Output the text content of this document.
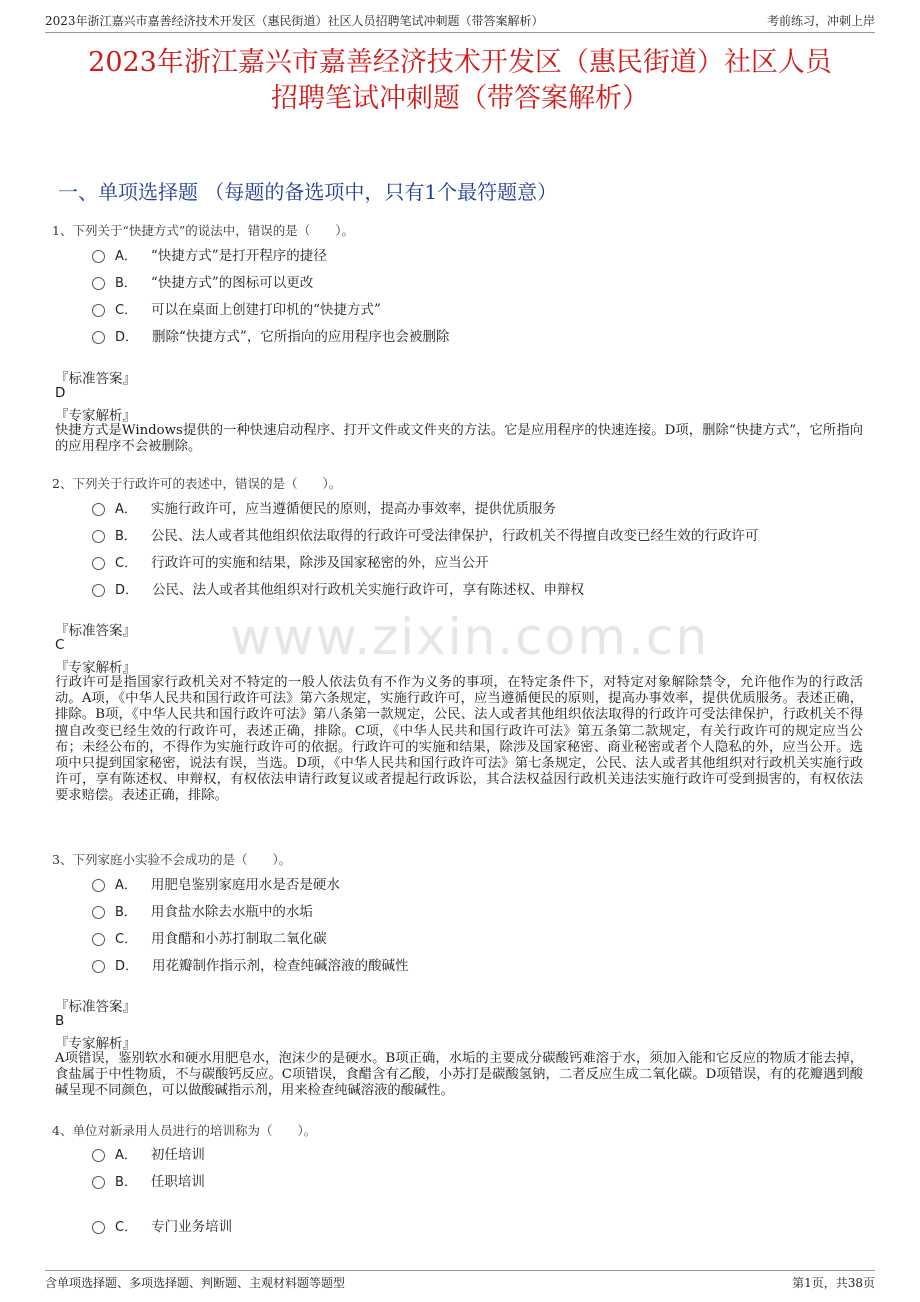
www.zixin.com.cn
2023年浙江嘉兴市嘉善经济技术开发区（惠民街道）社区人员招聘笔试冲刺题（带答案解析）	考前练习，冲刺上岸
2023年浙江嘉兴市嘉善经济技术开发区（惠民街道）社区人员
招聘笔试冲刺题（带答案解析）
一、单项选择题 （每题的备选项中，只有1个最符题意）
1、下列关于“快捷方式”的说法中，错误的是（　　）。
A． “快捷方式”是打开程序的捷径
B． “快捷方式”的图标可以更改
C． 可以在桌面上创建打印机的“快捷方式”
D． 删除“快捷方式”，它所指向的应用程序也会被删除
『标准答案』
D
『专家解析』
快捷方式是Windows提供的一种快速启动程序、打开文件或文件夹的方法。它是应用程序的快速连接。D项，删除“快捷方式”，它所指向的应用程序不会被删除。
2、下列关于行政许可的表述中，错误的是（　　）。
A． 实施行政许可，应当遵循便民的原则，提高办事效率，提供优质服务
B． 公民、法人或者其他组织依法取得的行政许可受法律保护，行政机关不得擅自改变已经生效的行政许可
C． 行政许可的实施和结果，除涉及国家秘密的外，应当公开
D． 公民、法人或者其他组织对行政机关实施行政许可，享有陈述权、申辩权
『标准答案』
C
『专家解析』
行政许可是指国家行政机关对不特定的一般人依法负有不作为义务的事项，在特定条件下，对特定对象解除禁令，允许他作为的行政活动。A项，《中华人民共和国行政许可法》第六条规定，实施行政许可，应当遵循便民的原则，提高办事效率，提供优质服务。表述正确，排除。B项，《中华人民共和国行政许可法》第八条第一款规定，公民、法人或者其他组织依法取得的行政许可受法律保护，行政机关不得擅自改变已经生效的行政许可，表述正确，排除。C项，《中华人民共和国行政许可法》第五条第二款规定，有关行政许可的规定应当公布；未经公布的，不得作为实施行政许可的依据。行政许可的实施和结果，除涉及国家秘密、商业秘密或者个人隐私的外，应当公开。选项中只提到国家秘密，说法有误，当选。D项，《中华人民共和国行政许可法》第七条规定，公民、法人或者其他组织对行政机关实施行政许可，享有陈述权、申辩权，有权依法申请行政复议或者提起行政诉讼，其合法权益因行政机关违法实施行政许可受到损害的，有权依法要求赔偿。表述正确，排除。
3、下列家庭小实验不会成功的是（　　）。
A． 用肥皂鉴别家庭用水是否是硬水
B． 用食盐水除去水瓶中的水垢
C． 用食醋和小苏打制取二氧化碳
D． 用花瓣制作指示剂，检查纯碱溶液的酸碱性
『标准答案』
B
『专家解析』
A项错误，鉴别软水和硬水用肥皂水，泡沫少的是硬水。B项正确，水垢的主要成分碳酸钙难溶于水，须加入能和它反应的物质才能去掉，食盐属于中性物质，不与碳酸钙反应。C项错误，食醋含有乙酸，小苏打是碳酸氢钠，二者反应生成二氧化碳。D项错误，有的花瓣遇到酸碱呈现不同颜色，可以做酸碱指示剂，用来检查纯碱溶液的酸碱性。
4、单位对新录用人员进行的培训称为（　　）。
A． 初任培训
B． 任职培训
C． 专门业务培训
含单项选择题、多项选择题、判断题、主观材料题等题型	第1页，共38页
